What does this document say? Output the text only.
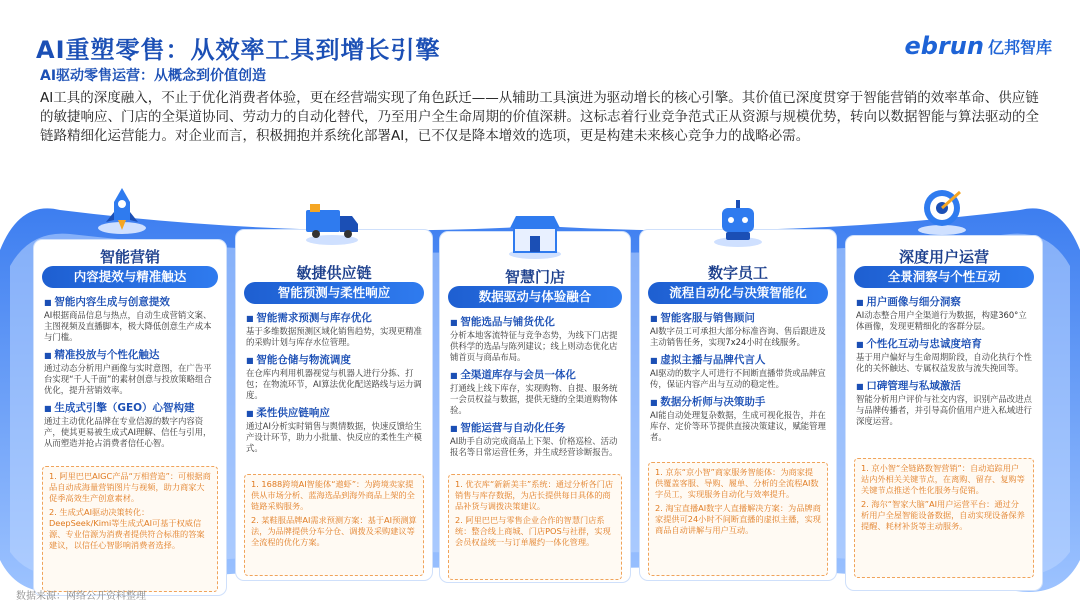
AI重塑零售：从效率工具到增长引擎
AI驱动零售运营：从概念到价值创造
ebrun 亿邦智库
AI工具的深度融入，不止于优化消费者体验，更在经营端实现了角色跃迁——从辅助工具演进为驱动增长的核心引擎。其价值已深度贯穿于智能营销的效率革命、供应链的敏捷响应、门店的全渠道协同、劳动力的自动化替代，乃至用户全生命周期的价值深耕。这标志着行业竞争范式正从资源与规模优势，转向以数据智能与算法驱动的全链路精细化运营能力。对企业而言，积极拥抱并系统化部署AI，已不仅是降本增效的选项，更是构建未来核心竞争力的战略必需。
智能营销
内容提效与精准触达
■ 智能内容生成与创意提效
AI根据商品信息与热点，自动生成营销文案、主图视频及直播脚本，极大降低创意生产成本与门槛。
■ 精准投放与个性化触达
通过动态分析用户画像与实时意图，在广告平台实现“千人千面”的素材创意与投放策略组合优化，提升营销效率。
■ 生成式引擎（GEO）心智构建
通过主动优化品牌在专业信源的数字内容资产，使其更易被生成式AI理解、信任与引用，从而塑造并抢占消费者信任心智。
1. 阿里巴巴AIGC产品“万相营造”：可根据商品自动成海量营销图片与视频，助力商家大促季高效生产创意素材。
2. 生成式AI驱动决策转化：DeepSeek/Kimi等生成式AI可基于权威信源、专业信源为消费者提供符合标准的答案建议，以信任心智影响消费者选择。
敏捷供应链
智能预测与柔性响应
■ 智能需求预测与库存优化
基于多维数据预测区域化销售趋势，实现更精准的采购计划与库存水位管理。
■ 智能仓储与物流调度
在仓库内利用机器视觉与机器人进行分拣、打包；在物流环节，AI算法优化配送路线与运力调度。
■ 柔性供应链响应
通过AI分析实时销售与舆情数据，快速反馈给生产设计环节，助力小批量、快反应的柔性生产模式。
1. 1688跨境AI智能体“遨虾”：为跨境卖家提供从市场分析、蓝海选品到海外商品上架的全链路采购服务。
2. 某鞋服品牌AI需求预测方案：基于AI预测算法，为品牌提供分车分仓、调拨及采购建议等全流程的优化方案。
智慧门店
数据驱动与体验融合
■ 智能选品与铺货优化
分析本地客流特征与竞争态势，为线下门店提供科学的选品与陈列建议；线上则动态优化店铺首页与商品布局。
■ 全渠道库存与会员一体化
打通线上线下库存，实现购物、自提、服务统一会员权益与数据，提供无缝的全渠道购物体验。
■ 智能运营与自动化任务
AI助手自动完成商品上下架、价格巡检、活动报名等日常运营任务，并生成经营诊断报告。
1. 优衣库“新新美丰”系统：通过分析各门店销售与库存数据，为店长提供每日具体的商品补货与调拨决策建议。
2. 阿里巴巴与零售企业合作的智慧门店系统：整合线上商城、门店POS与社群，实现会员权益统一与订单履约一体化管理。
数字员工
流程自动化与决策智能化
■ 智能客服与销售顾问
AI数字员工可承担大部分标准咨询、售后跟进及主动销售任务，实现7x24小时在线服务。
■ 虚拟主播与品牌代言人
AI驱动的数字人可进行不间断直播带货或品牌宣传，保证内容产出与互动的稳定性。
■ 数据分析师与决策助手
AI能自动处理复杂数据，生成可视化报告，并在库存、定价等环节提供直接决策建议，赋能管理者。
1. 京东“京小智”商家服务智能体：为商家提供覆盖客服、导购、履单、分析的全流程AI数字员工，实现服务自动化与效率提升。
2. 淘宝直播AI数字人直播解决方案：为品牌商家提供可24小时不间断直播的虚拟主播，实现商品自动讲解与用户互动。
深度用户运营
全景洞察与个性互动
■ 用户画像与细分洞察
AI动态整合用户全渠道行为数据，构建360°立体画像，发现更精细化的客群分层。
■ 个性化互动与忠诚度培育
基于用户偏好与生命周期阶段，自动化执行个性化的关怀触达、专属权益发放与流失挽回等。
■ 口碑管理与私域激活
智能分析用户评价与社交内容，识别产品改进点与品牌传播者，并引导高价值用户进入私域进行深度运营。
1. 京小智“全链路数智营销”：自动追踪用户站内外相关关键节点，在离购、留存、复购等关键节点推送个性化服务与促销。
2. 海尔“智家大脑”AI用户运营平台：通过分析用户全屋智能设备数据，自动实现设备保养提醒、耗材补货等主动服务。
数据来源：网络公开资料整理
